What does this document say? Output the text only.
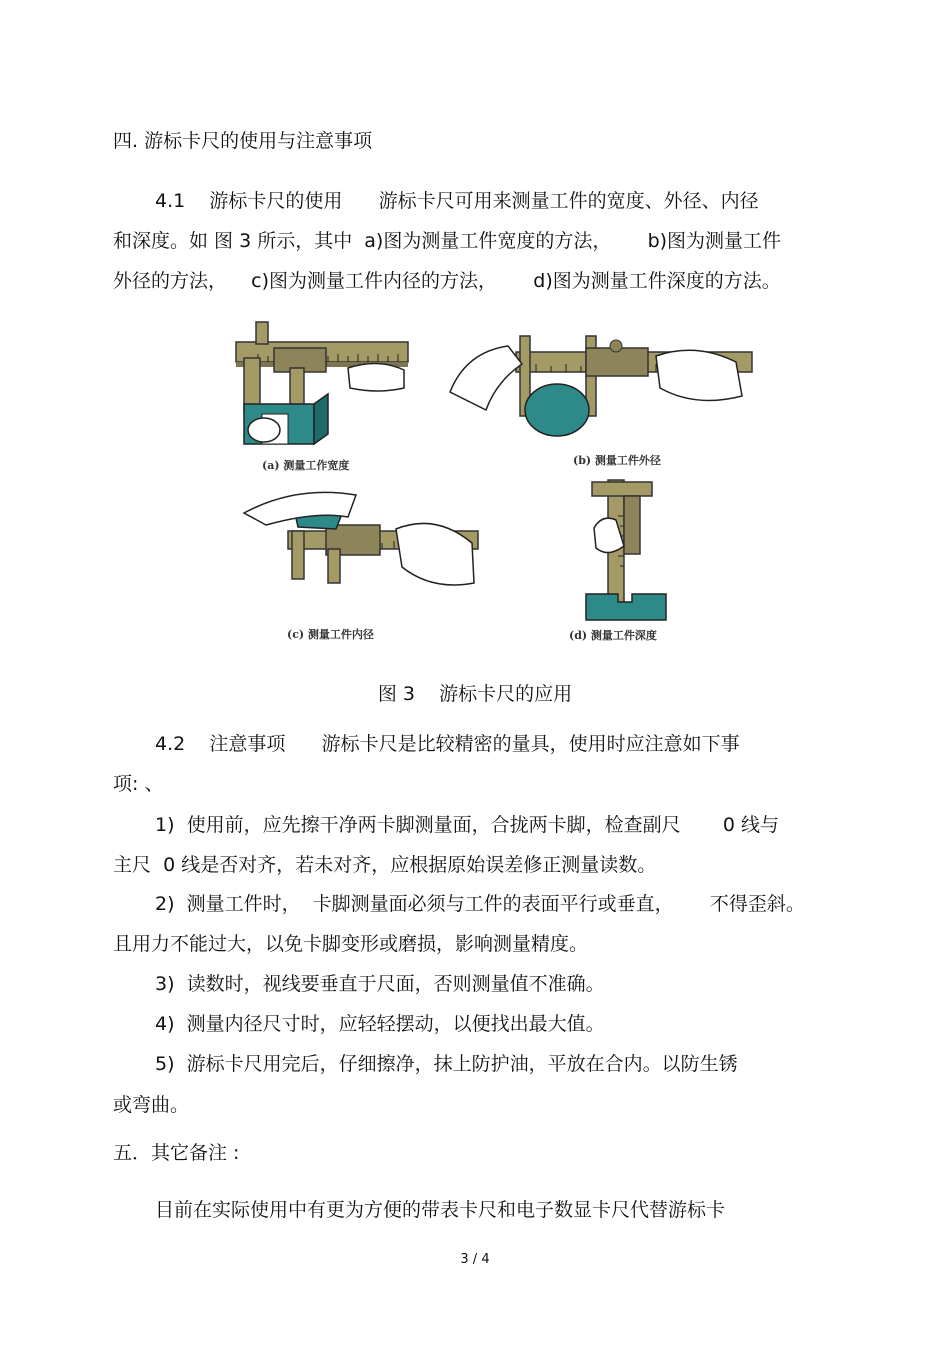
四. 游标卡尺的使用与注意事项
4.1    游标卡尺的使用      游标卡尺可用来测量工件的宽度、外径、内径
和深度。如 图 3 所示，其中  a)图为测量工件宽度的方法，      b)图为测量工件
外径的方法，    c)图为测量工件内径的方法，      d)图为测量工件深度的方法。
(a) 测量工作宽度	(b) 测量工件外径
(c) 测量工件内径	(d) 测量工件深度
图 3    游标卡尺的应用
4.2    注意事项      游标卡尺是比较精密的量具，使用时应注意如下事
项: 、
1)  使用前，应先擦干净两卡脚测量面，合拢两卡脚，检查副尺       0 线与
主尺  0 线是否对齐，若未对齐，应根据原始误差修正测量读数。
2)  测量工件时，  卡脚测量面必须与工件的表面平行或垂直，      不得歪斜。
且用力不能过大，以免卡脚变形或磨损，影响测量精度。
3)  读数时，视线要垂直于尺面，否则测量值不准确。
4)  测量内径尺寸时，应轻轻摆动，以便找出最大值。
5)  游标卡尺用完后，仔细擦净，抹上防护油，平放在合内。以防生锈
或弯曲。
五．其它备注 :
目前在实际使用中有更为方便的带表卡尺和电子数显卡尺代替游标卡
3 / 4
